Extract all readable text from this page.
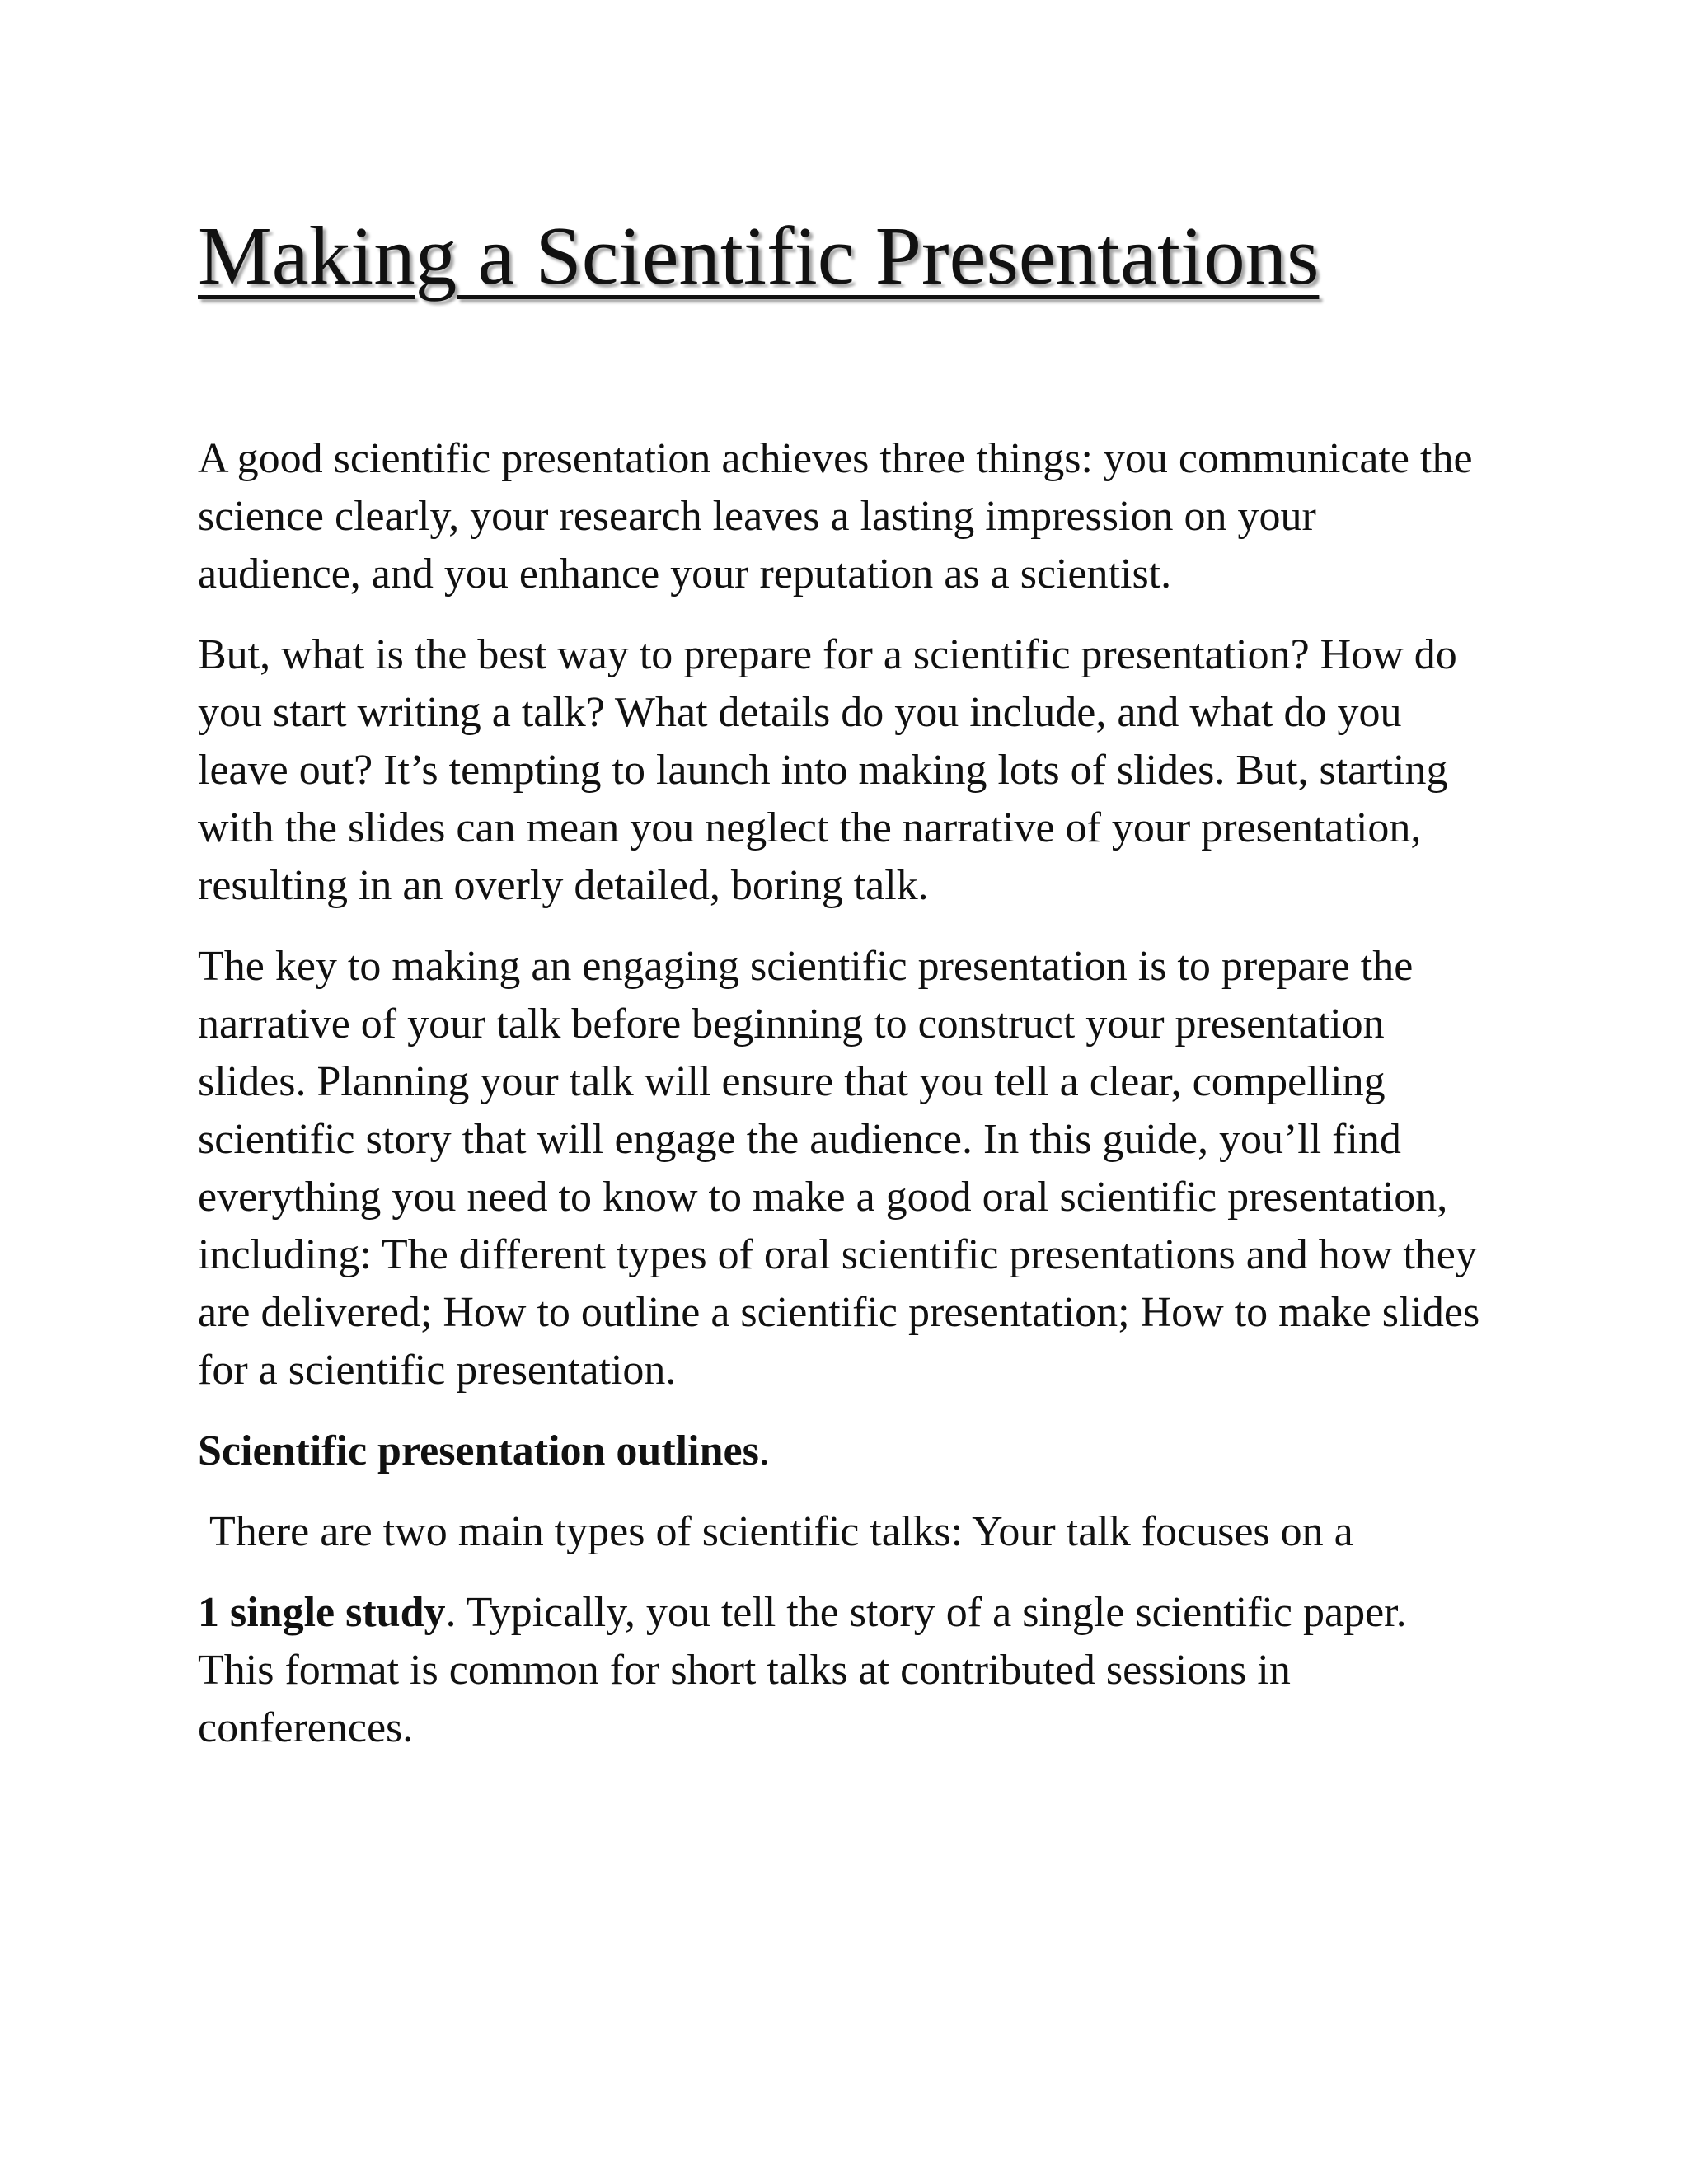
Making a Scientific Presentations

A good scientific presentation achieves three things: you communicate the science clearly, your research leaves a lasting impression on your audience, and you enhance your reputation as a scientist.

But, what is the best way to prepare for a scientific presentation? How do you start writing a talk? What details do you include, and what do you leave out? It’s tempting to launch into making lots of slides. But, starting with the slides can mean you neglect the narrative of your presentation, resulting in an overly detailed, boring talk.

The key to making an engaging scientific presentation is to prepare the narrative of your talk before beginning to construct your presentation slides. Planning your talk will ensure that you tell a clear, compelling scientific story that will engage the audience. In this guide, you’ll find everything you need to know to make a good oral scientific presentation, including: The different types of oral scientific presentations and how they are delivered; How to outline a scientific presentation; How to make slides for a scientific presentation.

Scientific presentation outlines.

There are two main types of scientific talks: Your talk focuses on a

1 single study. Typically, you tell the story of a single scientific paper. This format is common for short talks at contributed sessions in conferences.
